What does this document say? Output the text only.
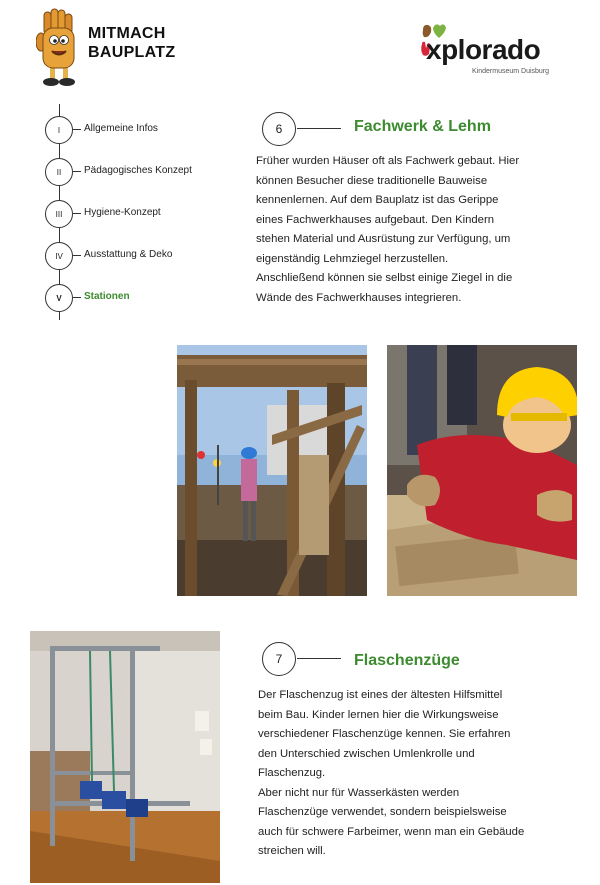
MITMACH
BAUPLATZ	xplorado
Kindermuseum Duisburg
I	Allgemeine Infos
II	Pädagogisches Konzept
III	Hygiene-Konzept
IV	Ausstattung & Deko
V	Stationen
6	Fachwerk & Lehm

Früher wurden Häuser oft als Fachwerk gebaut. Hier

können Besucher diese traditionelle Bauweise

kennenlernen. Auf dem Bauplatz ist das Gerippe

eines Fachwerkhauses aufgebaut. Den Kindern

stehen Material und Ausrüstung zur Verfügung, um

eigenständig Lehmziegel herzustellen.

Anschließend können sie selbst einige Ziegel in die

Wände des Fachwerkhauses integrieren.

7	Flaschenzüge

Der Flaschenzug ist eines der ältesten Hilfsmittel

beim Bau. Kinder lernen hier die Wirkungsweise

verschiedener Flaschenzüge kennen. Sie erfahren

den Unterschied zwischen Umlenkrolle und

Flaschenzug.

Aber nicht nur für Wasserkästen werden

Flaschenzüge verwendet, sondern beispielsweise

auch für schwere Farbeimer, wenn man ein Gebäude

streichen will.
